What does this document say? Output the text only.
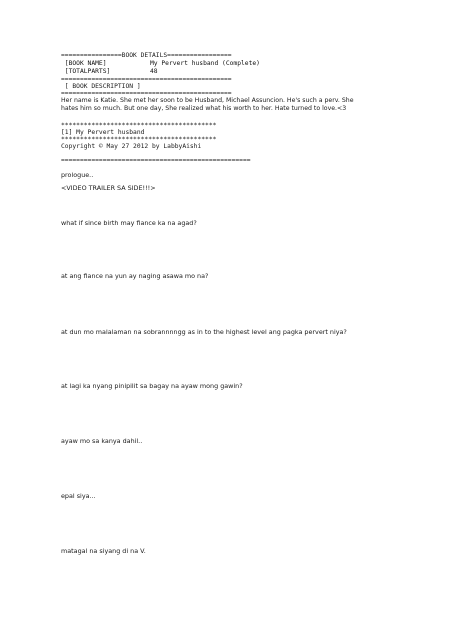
================BOOK DETAILS=================
[BOOK NAME]	My Pervert husband (Complete)
[TOTALPARTS]	48
=============================================
[ BOOK DESCRIPTION ]
=============================================
Her name is Katie. She met her soon to be Husband, Michael Assuncion. He's such a perv. She
hates him so much. But one day, She realized what his worth to her. Hate turned to love.<3
*****************************************
[1] My Pervert husband
*****************************************
Copyright © May 27 2012 by LabbyAishi
==================================================
prologue..
<VIDEO TRAILER SA SIDE!!!>
what if since birth may fiance ka na agad?
at ang fiance na yun ay naging asawa mo na?
at dun mo malalaman na sobrannnngg as in to the highest level ang pagka pervert niya?
at lagi ka nyang pinipilit sa bagay na ayaw mong gawin?
ayaw mo sa kanya dahil..
epal siya...
matagal na siyang di na V.
